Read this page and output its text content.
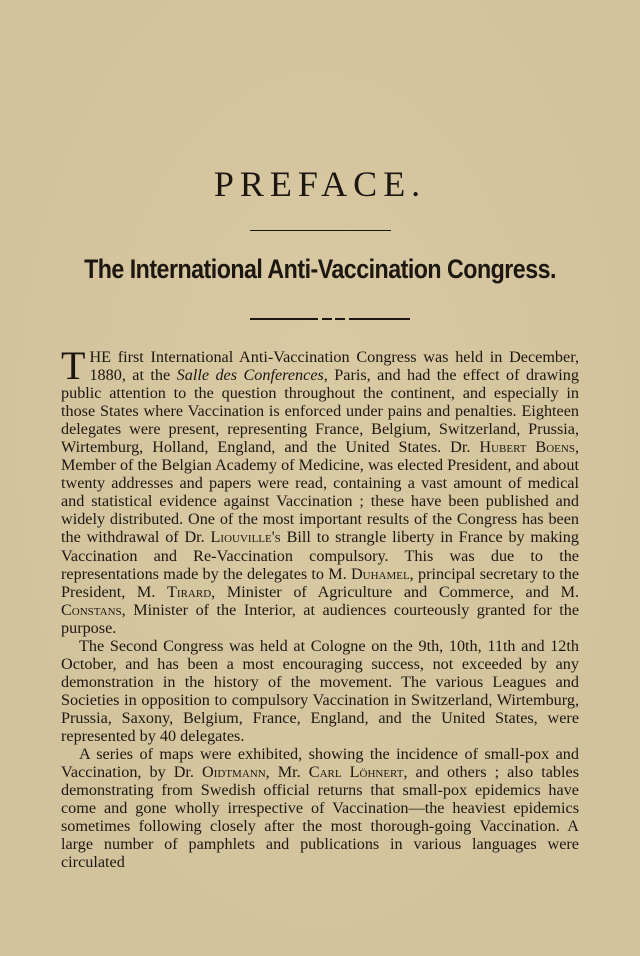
PREFACE.
The International Anti-Vaccination Congress.

THE first International Anti-Vaccination Congress was held in December, 1880, at the Salle des Conferences, Paris, and had the effect of drawing public attention to the question throughout the continent, and especially in those States where Vaccination is enforced under pains and penalties. Eighteen delegates were present, representing France, Belgium, Switzerland, Prussia, Wirtemburg, Holland, England, and the United States. Dr. Hubert Boens, Member of the Belgian Academy of Medicine, was elected President, and about twenty addresses and papers were read, containing a vast amount of medical and statistical evidence against Vaccination ; these have been published and widely distributed. One of the most important results of the Congress has been the withdrawal of Dr. Liouville's Bill to strangle liberty in France by making Vaccination and Re-Vaccination compulsory. This was due to the representations made by the delegates to M. Duhamel, principal secretary to the President, M. Tirard, Minister of Agriculture and Commerce, and M. Constans, Minister of the Interior, at audiences courteously granted for the purpose.

The Second Congress was held at Cologne on the 9th, 10th, 11th and 12th October, and has been a most encouraging success, not exceeded by any demonstration in the history of the movement. The various Leagues and Societies in opposition to compulsory Vaccination in Switzerland, Wirtemburg, Prussia, Saxony, Belgium, France, England, and the United States, were represented by 40 delegates.

A series of maps were exhibited, showing the incidence of small-pox and Vaccination, by Dr. Oidtmann, Mr. Carl Löhnert, and others ; also tables demonstrating from Swedish official returns that small-pox epidemics have come and gone wholly irrespective of Vaccination—the heaviest epidemics sometimes following closely after the most thorough-going Vaccination. A large number of pamphlets and publications in various languages were circulated
